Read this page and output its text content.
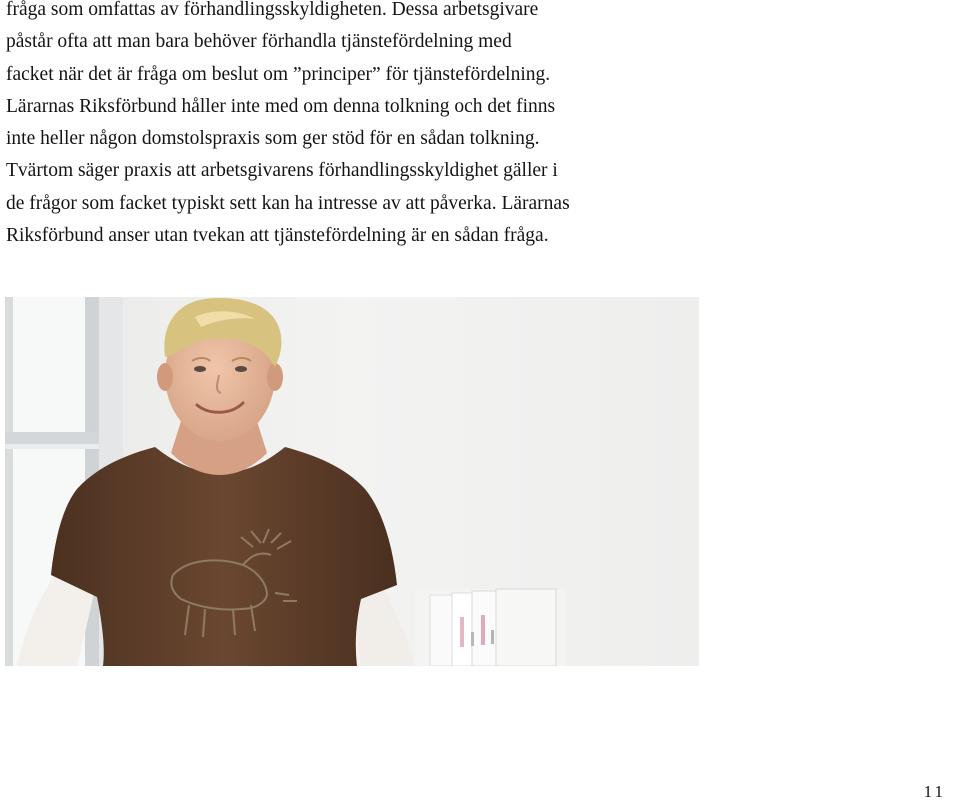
fråga som omfattas av förhandlingsskyldigheten. Dessa arbetsgivare
påstår ofta att man bara behöver förhandla tjänstefördelning med
facket när det är fråga om beslut om ”principer” för tjänstefördelning.
Lärarnas Riksförbund håller inte med om denna tolkning och det finns
inte heller någon domstolspraxis som ger stöd för en sådan tolkning.
Tvärtom säger praxis att arbetsgivarens förhandlingsskyldighet gäller i
de frågor som facket typiskt sett kan ha intresse av att påverka. Lärarnas
Riksförbund anser utan tvekan att tjänstefördelning är en sådan fråga.
11
